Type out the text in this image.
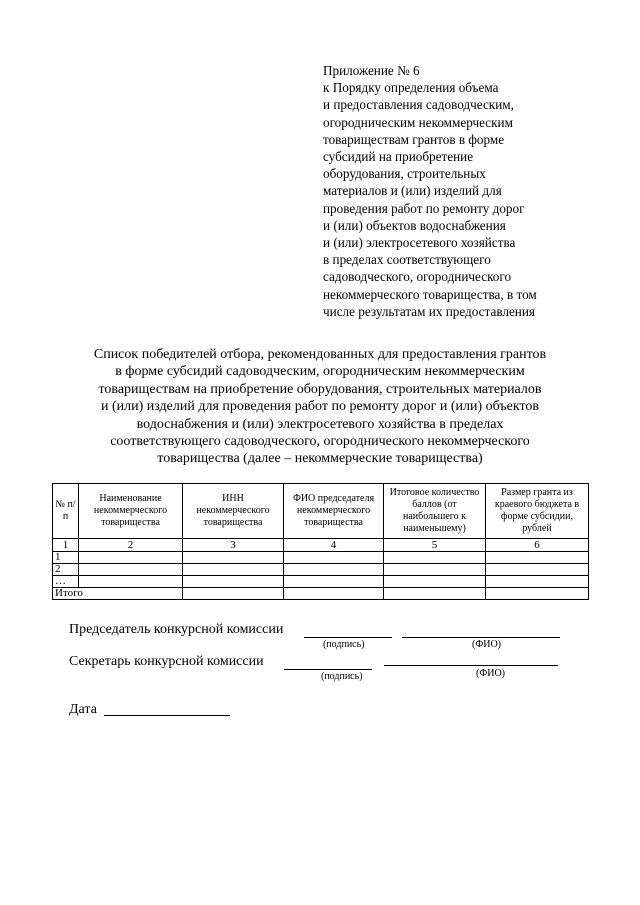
Приложение № 6
к Порядку определения объема
и предоставления садоводческим,
огородническим некоммерческим
товариществам грантов в форме
субсидий на приобретение
оборудования, строительных
материалов и (или) изделий для
проведения работ по ремонту дорог
и (или) объектов водоснабжения
и (или) электросетевого хозяйства
в пределах соответствующего
садоводческого, огороднического
некоммерческого товарищества, в том
числе результатам их предоставления
Список победителей отбора, рекомендованных для предоставления грантов
в форме субсидий садоводческим, огородническим некоммерческим
товариществам на приобретение оборудования, строительных материалов
и (или) изделий для проведения работ по ремонту дорог и (или) объектов
водоснабжения и (или) электросетевого хозяйства в пределах
соответствующего садоводческого, огороднического некоммерческого
товарищества (далее – некоммерческие товарищества)
№ п/п	Наименование некоммерческого товарищества	ИНН некоммерческого товарищества	ФИО председателя некоммерческого товарищества	Итоговое количество баллов (от наибольшего к наименьшему)	Размер гранта из краевого бюджета в форме субсидии, рублей
1	2	3	4	5	6
1					
2					
…					
Итого					
Председатель конкурсной комиссии
(подпись)	(ФИО)
Секретарь конкурсной комиссии
(подпись)	(ФИО)
Дата
